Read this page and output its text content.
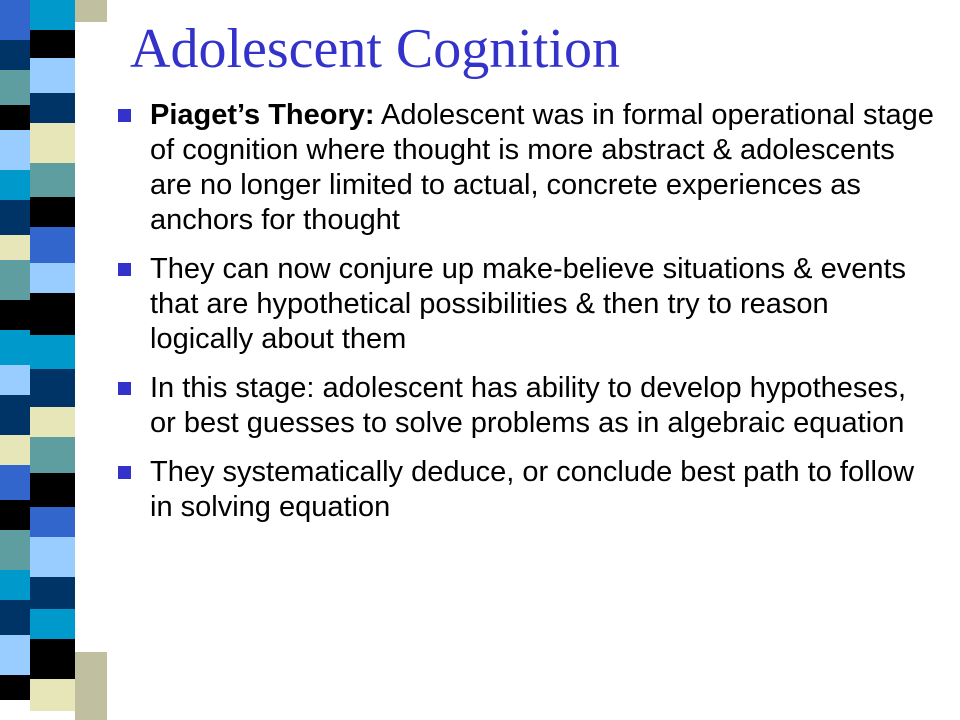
Adolescent Cognition
Piaget’s Theory: Adolescent was in formal operational stage of cognition where thought is more abstract & adolescents are no longer limited to actual, concrete experiences as anchors for thought
They can now conjure up make-believe situations & events that are hypothetical possibilities & then try to reason logically about them
In this stage: adolescent has ability to develop hypotheses, or best guesses to solve problems as in algebraic equation
They systematically deduce, or conclude best path to follow in solving equation
